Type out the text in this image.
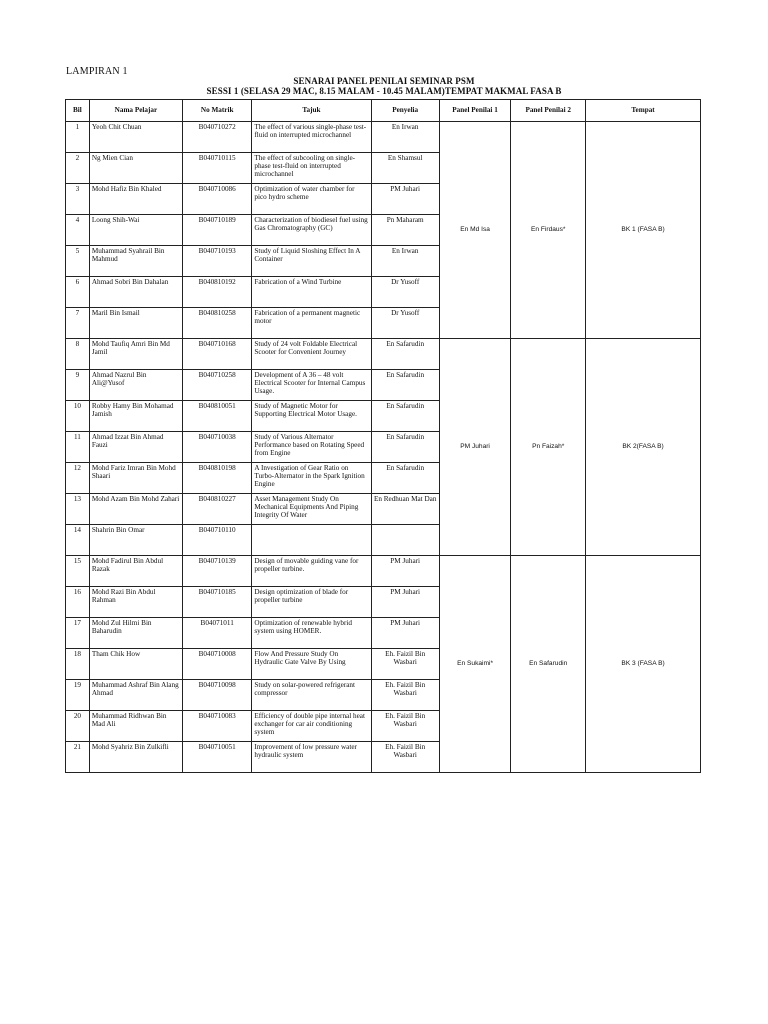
LAMPIRAN 1
SENARAI PANEL PENILAI SEMINAR PSM
SESSI 1 (SELASA 29 MAC, 8.15 MALAM - 10.45 MALAM)TEMPAT MAKMAL FASA B
Bil	Nama Pelajar	No Matrik	Tajuk	Penyelia	Panel Penilai 1	Panel Penilai 2	Tempat
1	Yeoh Chit Chuan	B040710272	The effect of various single-phase test-fluid on interrupted microchannel	En Irwan	En Md Isa	En Firdaus*	BK 1 (FASA B)
2	Ng Mien Cian	B040710115	The effect of subcooling on single-phase test-fluid on interrupted microchannel	En Shamsul			
3	Mohd Hafiz Bin Khaled	B040710086	Optimization of water chamber for pico hydro scheme	PM Juhari			
4	Loong Shih-Wai	B040710189	Characterization of biodiesel fuel using Gas Chromatography (GC)	Pn Maharam			
5	Muhammad Syahrail Bin Mahmud	B040710193	Study of Liquid Sloshing Effect In A Container	En Irwan			
6	Ahmad Sobri Bin Dahalan	B040810192	Fabrication of a Wind Turbine	Dr Yusoff			
7	Maril Bin Ismail	B040810258	Fabrication of a permanent magnetic motor	Dr Yusoff			
8	Mohd Taufiq Amri Bin Md Jamil	B040710168	Study of 24 volt Foldable Electrical Scooter for Convenient Journey	En Safarudin	PM Juhari	Pn Faizah*	BK 2(FASA B)
9	Ahmad Nazrul Bin Ali@Yusof	B040710258	Development of A 36 – 48 volt Electrical Scooter for Internal Campus Usage.	En Safarudin			
10	Robby Hamy Bin Mohamad Jamish	B040810051	Study of Magnetic Motor for Supporting Electrical Motor Usage.	En Safarudin			
11	Ahmad Izzat Bin Ahmad Fauzi	B040710038	Study of Various Alternator Performance based on Rotating Speed from Engine	En Safarudin			
12	Mohd Fariz Imran Bin Mohd Shaari	B040810198	A Investigation of Gear Ratio on Turbo-Alternator in the Spark Ignition Engine	En Safarudin			
13	Mohd Azam Bin Mohd Zahari	B040810227	Asset Management Study On Mechanical Equipments And Piping Integrity Of Water	En Redhuan Mat Dan			
14	Shahrin Bin Omar	B040710110					
15	Mohd Fadirul Bin Abdul Razak	B040710139	Design of movable guiding vane for propeller turbine.	PM Juhari	En Sukaimi*	En Safarudin	BK 3 (FASA B)
16	Mohd Razi Bin Abdul Rahman	B040710185	Design optimization of blade for propeller turbine	PM Juhari			
17	Mohd Zul Hilmi Bin Baharudin	B04071011	Optimization of renewable hybrid system using HOMER.	PM Juhari			
18	Tham Chik How	B040710008	Flow And Pressure Study On Hydraulic Gate Valve By Using	Eh. Faizil Bin Wasbari			
19	Muhammad Ashraf Bin Alang Ahmad	B040710098	Study on solar-powered refrigerant compressor	Eh. Faizil Bin Wasbari			
20	Muhammad Ridhwan Bin Mad Ali	B040710083	Efficiency of double pipe internal heat exchanger for car air conditioning system	Eh. Faizil Bin Wasbari			
21	Mohd Syahriz Bin Zulkifli	B040710051	Improvement of low pressure water hydraulic system	Eh. Faizil Bin Wasbari			
